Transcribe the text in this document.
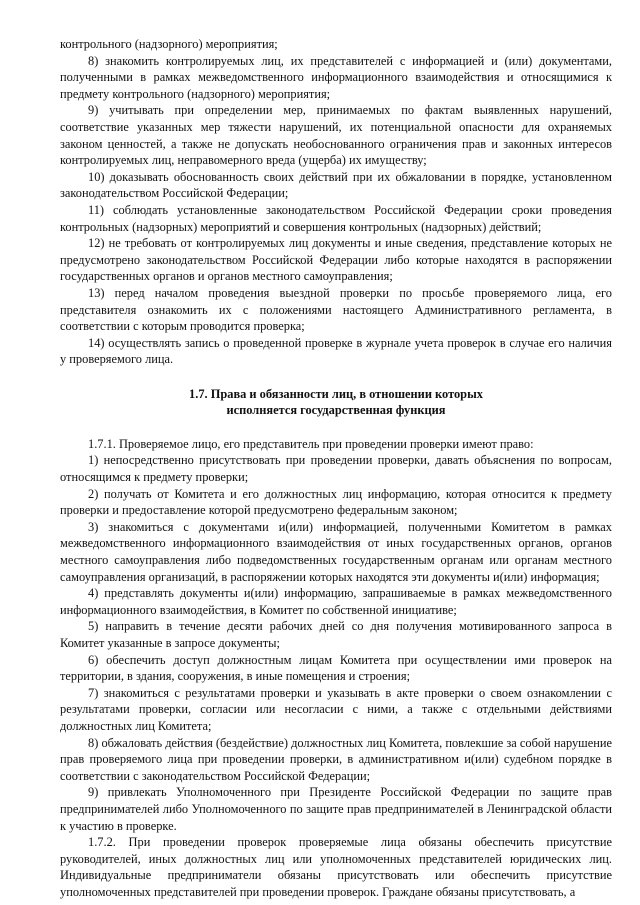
контрольного (надзорного) мероприятия;

8) знакомить контролируемых лиц, их представителей с информацией и (или) документами, полученными в рамках межведомственного информационного взаимодействия и относящимися к предмету контрольного (надзорного) мероприятия;

9) учитывать при определении мер, принимаемых по фактам выявленных нарушений, соответствие указанных мер тяжести нарушений, их потенциальной опасности для охраняемых законом ценностей, а также не допускать необоснованного ограничения прав и законных интересов контролируемых лиц, неправомерного вреда (ущерба) их имуществу;

10) доказывать обоснованность своих действий при их обжаловании в порядке, установленном законодательством Российской Федерации;

11) соблюдать установленные законодательством Российской Федерации сроки проведения контрольных (надзорных) мероприятий и совершения контрольных (надзорных) действий;

12) не требовать от контролируемых лиц документы и иные сведения, представление которых не предусмотрено законодательством Российской Федерации либо которые находятся в распоряжении государственных органов и органов местного самоуправления;

13) перед началом проведения выездной проверки по просьбе проверяемого лица, его представителя ознакомить их с положениями настоящего Административного регламента, в соответствии с которым проводится проверка;

14) осуществлять запись о проведенной проверке в журнале учета проверок в случае его наличия у проверяемого лица.

1.7. Права и обязанности лиц, в отношении которых
исполняется государственная функция

1.7.1. Проверяемое лицо, его представитель при проведении проверки имеют право:

1) непосредственно присутствовать при проведении проверки, давать объяснения по вопросам, относящимся к предмету проверки;

2) получать от Комитета и его должностных лиц информацию, которая относится к предмету проверки и предоставление которой предусмотрено федеральным законом;

3) знакомиться с документами и(или) информацией, полученными Комитетом в рамках межведомственного информационного взаимодействия от иных государственных органов, органов местного самоуправления либо подведомственных государственным органам или органам местного самоуправления организаций, в распоряжении которых находятся эти документы и(или) информация;

4) представлять документы и(или) информацию, запрашиваемые в рамках межведомственного информационного взаимодействия, в Комитет по собственной инициативе;

5) направить в течение десяти рабочих дней со дня получения мотивированного запроса в Комитет указанные в запросе документы;

6) обеспечить доступ должностным лицам Комитета при осуществлении ими проверок на территории, в здания, сооружения, в иные помещения и строения;

7) знакомиться с результатами проверки и указывать в акте проверки о своем ознакомлении с результатами проверки, согласии или несогласии с ними, а также с отдельными действиями должностных лиц Комитета;

8) обжаловать действия (бездействие) должностных лиц Комитета, повлекшие за собой нарушение прав проверяемого лица при проведении проверки, в административном и(или) судебном порядке в соответствии с законодательством Российской Федерации;

9) привлекать Уполномоченного при Президенте Российской Федерации по защите прав предпринимателей либо Уполномоченного по защите прав предпринимателей в Ленинградской области к участию в проверке.

1.7.2. При проведении проверок проверяемые лица обязаны обеспечить присутствие руководителей, иных должностных лиц или уполномоченных представителей юридических лиц. Индивидуальные предприниматели обязаны присутствовать или обеспечить присутствие уполномоченных представителей при проведении проверок. Граждане обязаны присутствовать, а
